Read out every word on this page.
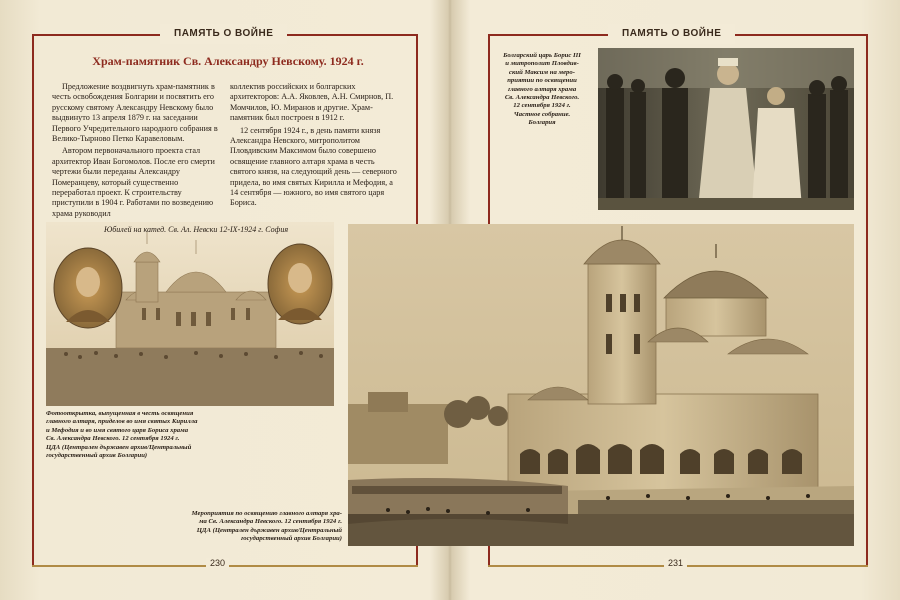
ПАМЯТЬ О ВОЙНЕ
Храм-памятник Св. Александру Невскому. 1924 г.

Предложение воздвигнуть храм-памятник в честь освобождения Болгарии и посвятить его русскому святому Александру Невскому было выдвинуто 13 апреля 1879 г. на заседании Первого Учредительного народного собрания в Велико-Тырново Петко Каравеловым.

Автором первоначального проекта стал архитектор Иван Богомолов. После его смерти чертежи были переданы Александру Померанцеву, который существенно переработал проект. К строительству приступили в 1904 г. Работами по возведению храма руководил

коллектив российских и болгарских архитекторов: А.А. Яковлев, А.Н. Смирнов, П. Момчилов, Ю. Миранов и другие. Храм-памятник был построен в 1912 г.

12 сентября 1924 г., в день памяти князя Александра Невского, митрополитом Пловдивским Максимом было совершено освящение главного алтаря храма в честь святого князя, на следующий день — северного придела, во имя святых Кирилла и Мефодия, а 14 сентября — южного, во имя святого царя Бориса.

Юбилей на катед. Св. Ал. Невски 12-IX-1924 г. София
Фотооткрытка, выпущенная в честь освящения
главного алтаря, приделов во имя святых Кирилла
и Мефодия и во имя святого царя Бориса храма
Св. Александра Невского. 12 сентября 1924 г.
ЦДА (Централен държавен архив/Центральный
государственный архив Болгарии)
Мероприятия по освящению главного алтаря хра-
ма Св. Александра Невского. 12 сентября 1924 г.
ЦДА (Централен държавен архив/Центральный
государственный архив Болгарии)
230
ПАМЯТЬ О ВОЙНЕ
Болгарский царь Борис III
и митрополит Пловдив-
ский Максим на меро-
приятии по освящении
главного алтаря храма
Св. Александра Невского.
12 сентября 1924 г.
Частное собрание.
Болгария
231
